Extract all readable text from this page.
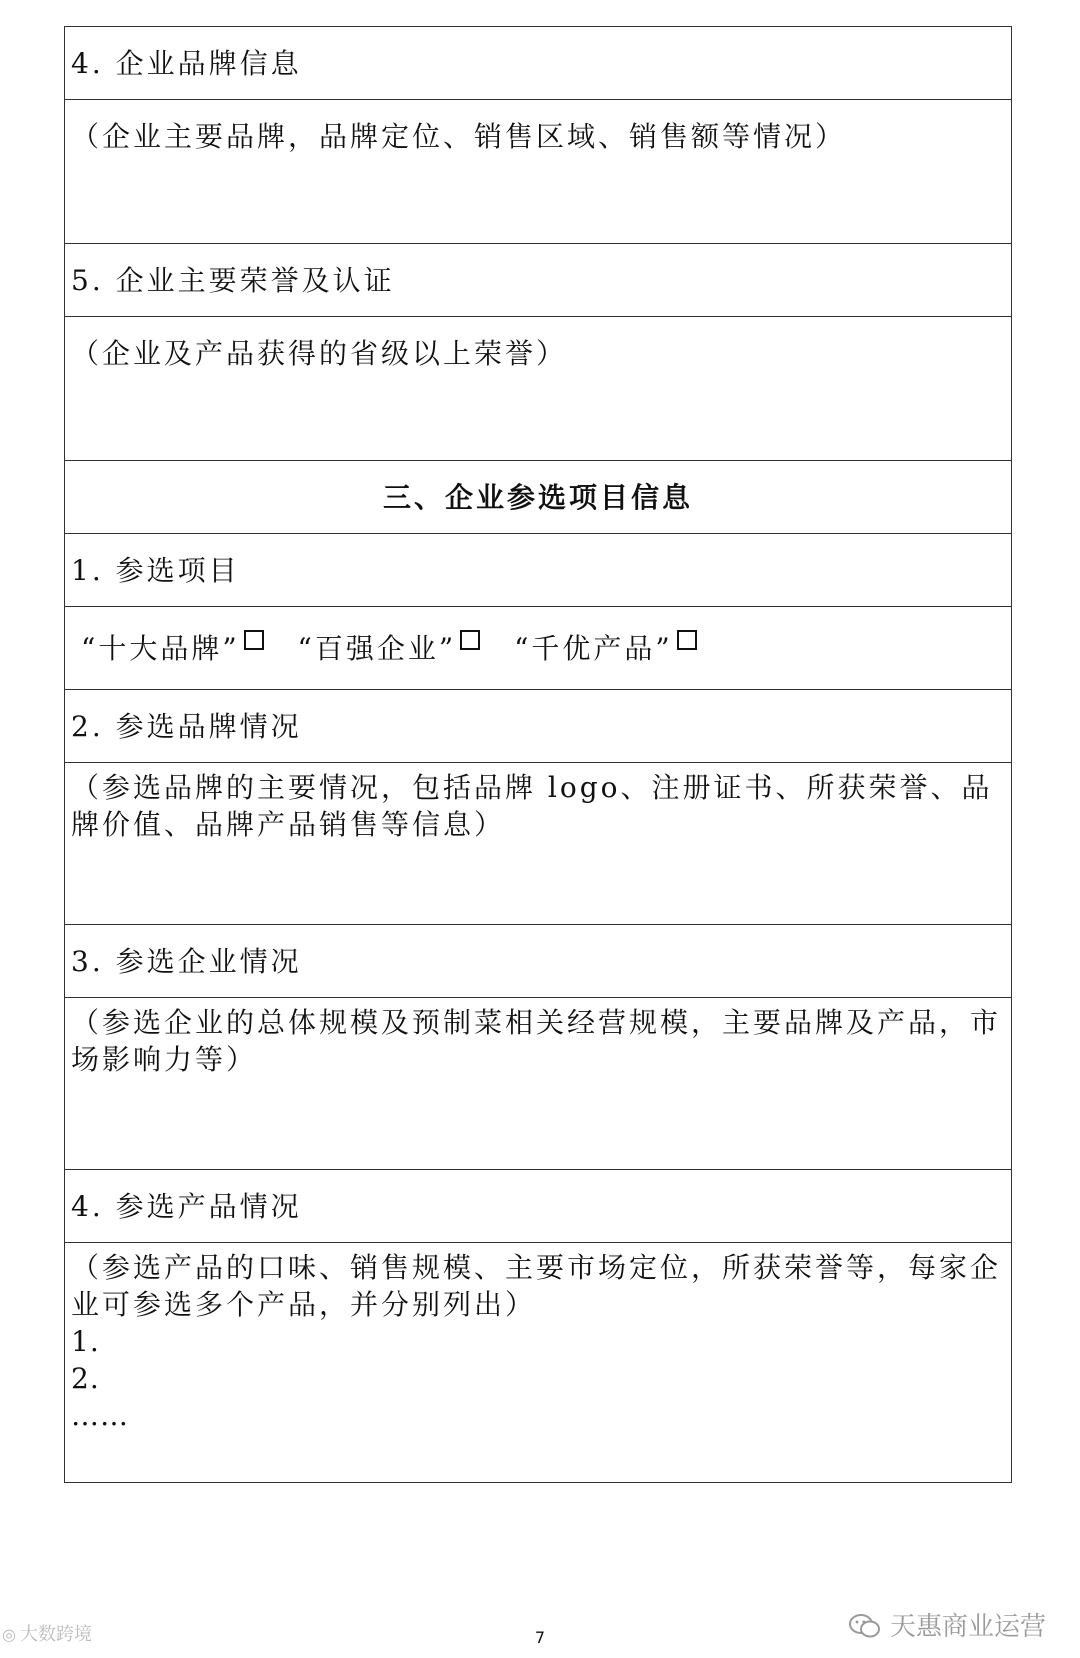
4. 企业品牌信息
（企业主要品牌，品牌定位、销售区域、销售额等情况）
5. 企业主要荣誉及认证
（企业及产品获得的省级以上荣誉）
三、企业参选项目信息
1. 参选项目
“十大品牌” “百强企业” “千优产品”
2. 参选品牌情况
（参选品牌的主要情况，包括品牌 logo、注册证书、所获荣誉、品牌价值、品牌产品销售等信息）
3. 参选企业情况
（参选企业的总体规模及预制菜相关经营规模，主要品牌及产品，市场影响力等）
4. 参选产品情况
（参选产品的口味、销售规模、主要市场定位，所获荣誉等，每家企业可参选多个产品，并分别列出）
1.
2.
……
◎ 大数跨境	7	天惠商业运营
